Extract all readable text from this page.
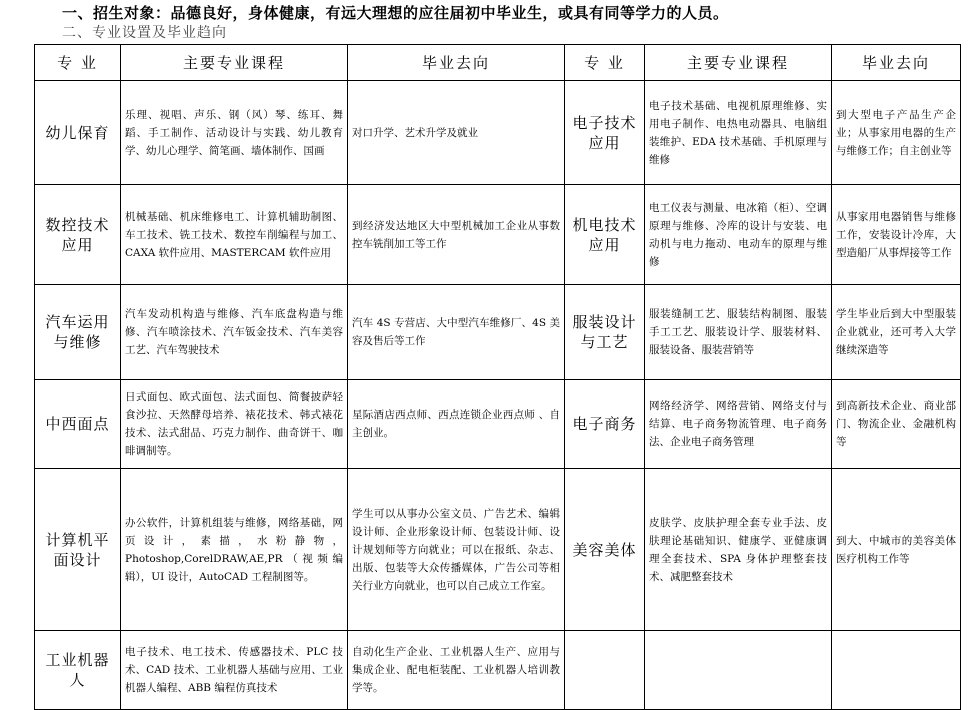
一、招生对象：品德良好，身体健康，有远大理想的应往届初中毕业生，或具有同等学力的人员。
二、专业设置及毕业趋向
专 业	主要专业课程	毕业去向	专 业	主要专业课程	毕业去向
幼儿保育	乐理、视唱、声乐、钢（风）琴、练耳、舞蹈、手工制作、活动设计与实践、幼儿教育学、幼儿心理学、简笔画、墙体制作、国画	对口升学、艺术升学及就业	电子技术应用	电子技术基础、电视机原理维修、实用电子制作、电热电动器具、电脑组装维护、EDA 技术基础、手机原理与维修	到大型电子产品生产企业；从事家用电器的生产与维修工作；自主创业等
数控技术应用	机械基础、机床维修电工、计算机辅助制图、车工技术、铣工技术、数控车削编程与加工、CAXA 软件应用、MASTERCAM 软件应用	到经济发达地区大中型机械加工企业从事数控车铣削加工等工作	机电技术应用	电工仪表与测量、电冰箱（柜）、空调原理与维修、冷库的设计与安装、电动机与电力拖动、电动车的原理与维修	从事家用电器销售与维修工作，安装设计冷库，大型造船厂从事焊接等工作
汽车运用与维修	汽车发动机构造与维修、汽车底盘构造与维修、汽车喷涂技术、汽车钣金技术、汽车美容工艺、汽车驾驶技术	汽车 4S 专营店、大中型汽车维修厂、4S 美容及售后等工作	服装设计与工艺	服装缝制工艺、服装结构制图、服装手工工艺、服装设计学、服装材料、服装设备、服装营销等	学生毕业后到大中型服装企业就业，还可考入大学继续深造等
中西面点	日式面包、欧式面包、法式面包、简餐披萨轻食沙拉、天然酵母培养、裱花技术、韩式裱花技术、法式甜品、巧克力制作、曲奇饼干、咖啡调制等。	星际酒店西点师、西点连锁企业西点师 、自主创业。	电子商务	网络经济学、网络营销、网络支付与结算、电子商务物流管理、电子商务法、企业电子商务管理	到高新技术企业、商业部门、物流企业、金融机构等
计算机平面设计	办公软件，计算机组装与维修，网络基础，网页设计，素描，水粉静物，Photoshop,CorelDRAW,AE,PR（视频编辑），UI 设计，AutoCAD 工程制图等。	学生可以从事办公室文员、广告艺术、编辑设计师、企业形象设计师、包装设计师、设计规划师等方向就业；可以在报纸、杂志、出版、包装等大众传播媒体，广告公司等相关行业方向就业，也可以自己成立工作室。	美容美体	皮肤学、皮肤护理全套专业手法、皮肤理论基础知识、健康学、亚健康调理全套技术、SPA 身体护理整套技术、减肥整套技术	到大、中城市的美容美体医疗机构工作等
工业机器人	电子技术、电工技术、传感器技术、PLC 技术、CAD 技术、工业机器人基础与应用、工业机器人编程、ABB 编程仿真技术	自动化生产企业、工业机器人生产、应用与集成企业、配电柜装配、工业机器人培训教学等。			
